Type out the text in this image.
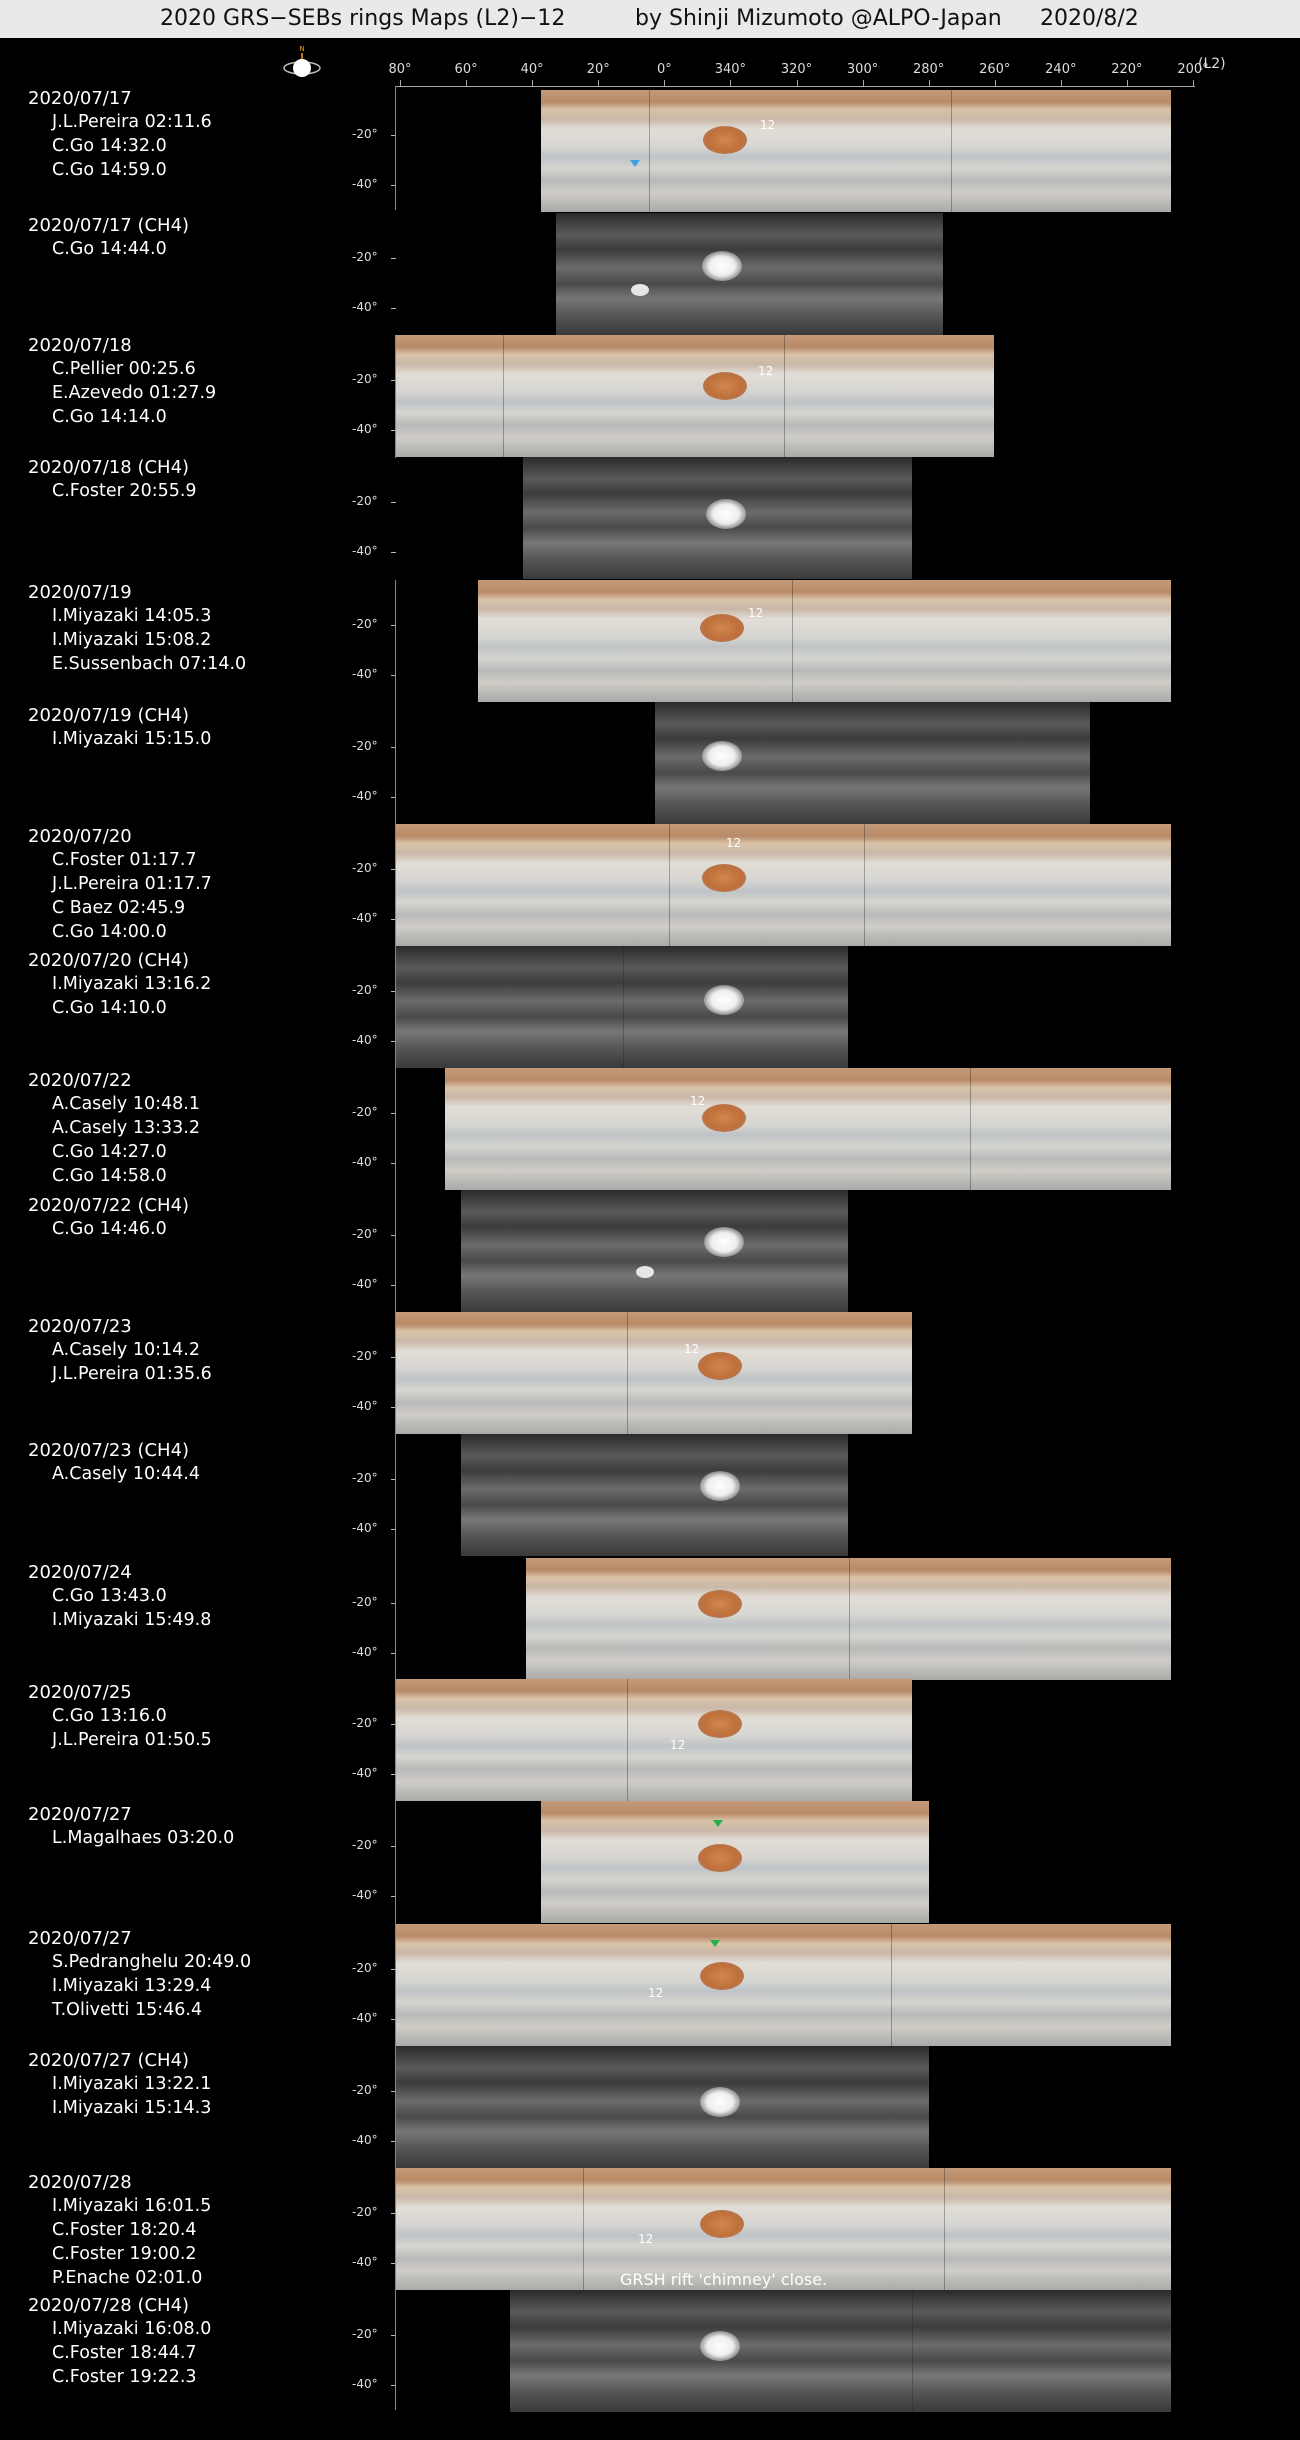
2020 GRS−SEBs rings Maps (L2)−12	by Shinji Mizumoto @ALPO-Japan 2020/8/2
N
80°	60°	40°	20°	0°	340°	320°	300°	280°	260°	240°	220°	200°
(L2)
2020/07/17
J.L.Pereira 02:11.6
C.Go 14:32.0
C.Go 14:59.0
12
-20°
-40°
2020/07/17 (CH4)
C.Go 14:44.0	-20°
-40°
2020/07/18
C.Pellier 00:25.6
E.Azevedo 01:27.9
C.Go 14:14.0
12
-20°
-40°
2020/07/18 (CH4)
C.Foster 20:55.9	-20°
-40°
2020/07/19
I.Miyazaki 14:05.3
I.Miyazaki 15:08.2
E.Sussenbach 07:14.0
12
-20°
-40°
2020/07/19 (CH4)
I.Miyazaki 15:15.0	-20°
-40°
2020/07/20
C.Foster 01:17.7
J.L.Pereira 01:17.7
C Baez 02:45.9
C.Go 14:00.0
12
-20°
-40°
2020/07/20 (CH4)
I.Miyazaki 13:16.2
C.Go 14:10.0
-20°
-40°
2020/07/22
A.Casely 10:48.1
A.Casely 13:33.2
C.Go 14:27.0
C.Go 14:58.0
12
-20°
-40°
2020/07/22 (CH4)
C.Go 14:46.0	-20°
-40°
2020/07/23
A.Casely 10:14.2
J.L.Pereira 01:35.6
12
-20°
-40°
2020/07/23 (CH4)
A.Casely 10:44.4	-20°
-40°
2020/07/24
C.Go 13:43.0
I.Miyazaki 15:49.8
-20°
-40°
2020/07/25
C.Go 13:16.0
J.L.Pereira 01:50.5	12
-20°
-40°
2020/07/27
L.Magalhaes 03:20.0	-20°
-40°
2020/07/27
S.Pedranghelu 20:49.0
I.Miyazaki 13:29.4
T.Olivetti 15:46.4
12
-20°
-40°
2020/07/27 (CH4)
I.Miyazaki 13:22.1
I.Miyazaki 15:14.3
-20°
-40°
2020/07/28
I.Miyazaki 16:01.5
C.Foster 18:20.4
C.Foster 19:00.2
P.Enache 02:01.0
12
-20°
-40°
2020/07/28 (CH4)
I.Miyazaki 16:08.0
C.Foster 18:44.7
C.Foster 19:22.3
-20°
-40°
GRSH rift 'chimney' close.
